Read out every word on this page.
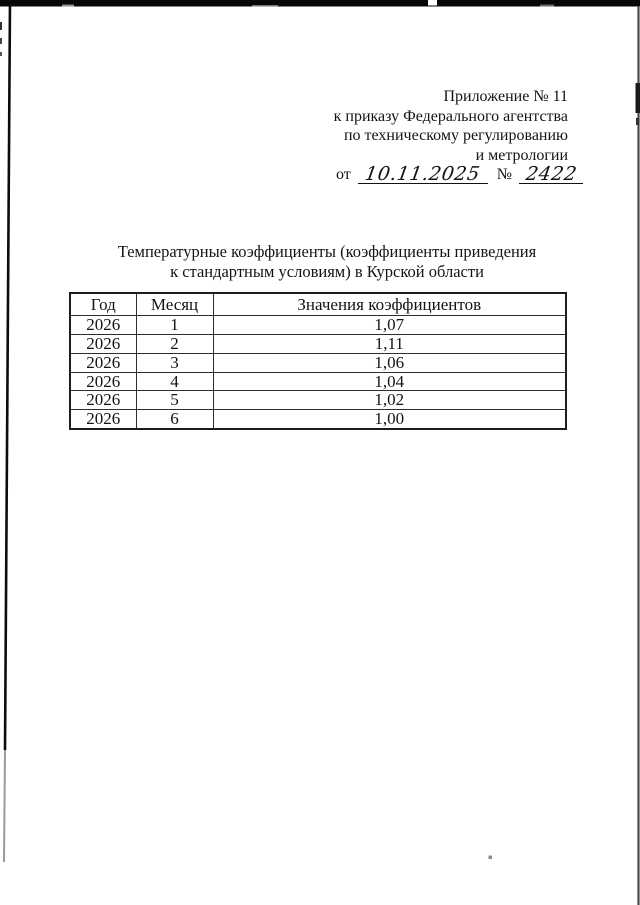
Приложение № 11
к приказу Федерального агентства
по техническому регулированию
и метрологии
от 10.11.2025 № 2422
Температурные коэффициенты (коэффициенты приведения
к стандартным условиям) в Курской области
Год	Месяц	Значения коэффициентов
2026	1	1,07
2026	2	1,11
2026	3	1,06
2026	4	1,04
2026	5	1,02
2026	6	1,00
